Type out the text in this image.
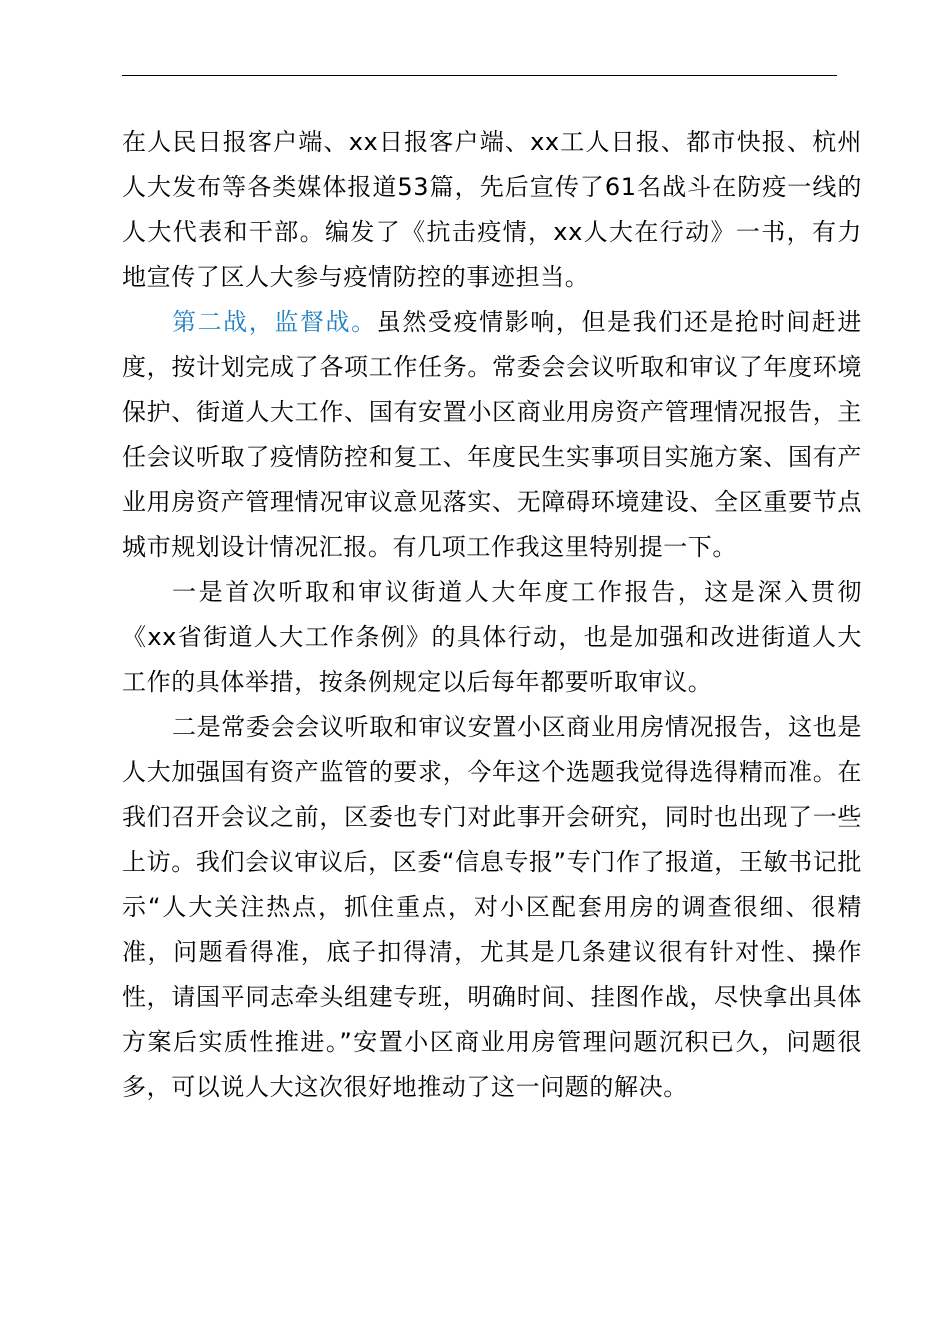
在人民日报客户端、xx日报客户端、xx工人日报、都市快报、杭州人大发布等各类媒体报道53篇，先后宣传了61名战斗在防疫一线的人大代表和干部。编发了《抗击疫情，xx人大在行动》一书，有力地宣传了区人大参与疫情防控的事迹担当。

第二战，监督战。虽然受疫情影响，但是我们还是抢时间赶进度，按计划完成了各项工作任务。常委会会议听取和审议了年度环境保护、街道人大工作、国有安置小区商业用房资产管理情况报告，主任会议听取了疫情防控和复工、年度民生实事项目实施方案、国有产业用房资产管理情况审议意见落实、无障碍环境建设、全区重要节点城市规划设计情况汇报。有几项工作我这里特别提一下。

一是首次听取和审议街道人大年度工作报告，这是深入贯彻《xx省街道人大工作条例》的具体行动，也是加强和改进街道人大工作的具体举措，按条例规定以后每年都要听取审议。

二是常委会会议听取和审议安置小区商业用房情况报告，这也是人大加强国有资产监管的要求，今年这个选题我觉得选得精而准。在我们召开会议之前，区委也专门对此事开会研究，同时也出现了一些上访。我们会议审议后，区委“信息专报”专门作了报道，王敏书记批示“人大关注热点，抓住重点，对小区配套用房的调查很细、很精准，问题看得准，底子扣得清，尤其是几条建议很有针对性、操作性，请国平同志牵头组建专班，明确时间、挂图作战，尽快拿出具体方案后实质性推进。”安置小区商业用房管理问题沉积已久，问题很多，可以说人大这次很好地推动了这一问题的解决。
